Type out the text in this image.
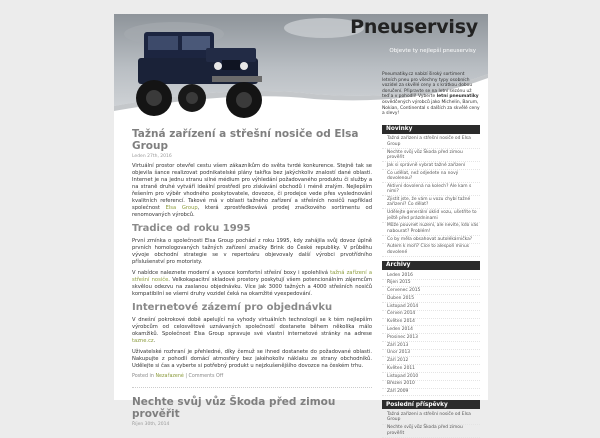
Pneuservisy
Objevte ty nejlepší pneuservisy
Tažná zařízení a střešní nosiče od Elsa Group
Leden 27th, 2016

Virtuální prostor otevřel cestu všem zákazníkům do světa tvrdé konkurence. Stejně tak se objevila šance realizovat podnikatelské plány takřka bez jakýchkoliv znalostí dané oblasti. Internet je na jednu stranu silné médium pro výhledání požadovaného produktu či služby a na straně druhé vytváří ideální prostředí pro získávání obchodů i méně zralým. Nejlepším řešením pro výběr vhodného poskytovatele, dovozce, či prodejce vede přes vyslednování kvalitních referencí. Takové má v oblasti tažného zařízení a střešních nosičů například společnost Elsa Group, která zprostředkovává prodej značkového sortimentu od renomovaných výrobců.

Tradice od roku 1995

První zmínka o společnosti Elsa Group pochází z roku 1995, kdy zahájila svůj dovoz úplně prvních homologovaných tažných zařízení značky Brink do České republiky. V průběhu vývoje obchodní strategie se v repertoáru objevovaly další výrobci prvotřídního příslušenství pro motoristy.

V nabídce naleznete moderní a vysoce komfortní střešní boxy i spolehlivá tažná zařízení a střešní nosiče. Velkokapacitní skladové prostory poskytují všem potencionálním zájemcům skvělou odezvu na zaslanou objednávku. Více jak 3000 tažných a 4000 střešních nosičů kompatibilní se všemi druhy vozidel čeká na okamžité vyexpedování.

Internetové zázemí pro objednávku

V dnešní pokrokové době apelující na vyhody virtuálních technologií se k tém nejlepším výrobcům od celosvětové uznávaných společností dostanete během několika málo okamžiků. Společnost Elsa Group spravuje své vlastní internetové stránky na adrese tazne.cz.

Uživatelské rozhraní je přehledné, díky čemuž se ihned dostanete do požadované oblasti. Nakupujte z pohodlí domácí atmosféry bez jakéhokoliv náklaku ze strany obchodníků. Udělejte si čas a vyberte si potřebný produkt u nejzkušenějšího dovozce na českém trhu.

Posted in Nezařazené | Comments Off
Nechte svůj vůz Škoda před zimou prověřit
Říjen 30th, 2014

Pneumatiky.cz nabízí široký sortiment letních pneu pro všechny typy osobních vozidel za skvělé ceny a s krátkou dobou doručení. Připravte se na letní sezónu už teď a v pohodlí! Vyberte letní pneumatiky osvědčených výrobců jako Michelin, Barum, Nokian, Continental s dalších za skvělé ceny a slevy!

Novinky
Tažná zařízení a střešní nosiče od Elsa Group
Nechte svůj vůz Škoda před zimou prověřit
Jak si správně vybrat tažné zařízení
Co udělat, než odjedete na nový dovolenou?
Aktivní dovolená na kolech? Ale kam s nimi?
Zjistit jste, že vám u vozu chybí tažné zařízení? Co dělat?
Udělejte generální úklid vozu, ušetříte to ještě před prázdninami
Může pouvnet nuzení, ale nevíte, kdo vás nabourat? Problém!
Co by měla obsahovat autolékárnička?
Autem k moři? Cíce to alespoň minus dovolené
Archivy
Leden 2016
Říjen 2015
Červenec 2015
Duben 2015
Listopad 2014
Červen 2014
Květen 2014
Leden 2014
Prosinec 2013
Září 2013
Únor 2013
Září 2012
Květen 2011
Listopad 2010
Březen 2010
Září 2009
Poslední příspěvky
Tažná zařízení a střešní nosiče od Elsa Group
Nechte svůj vůz Škoda před zimou prověřit
